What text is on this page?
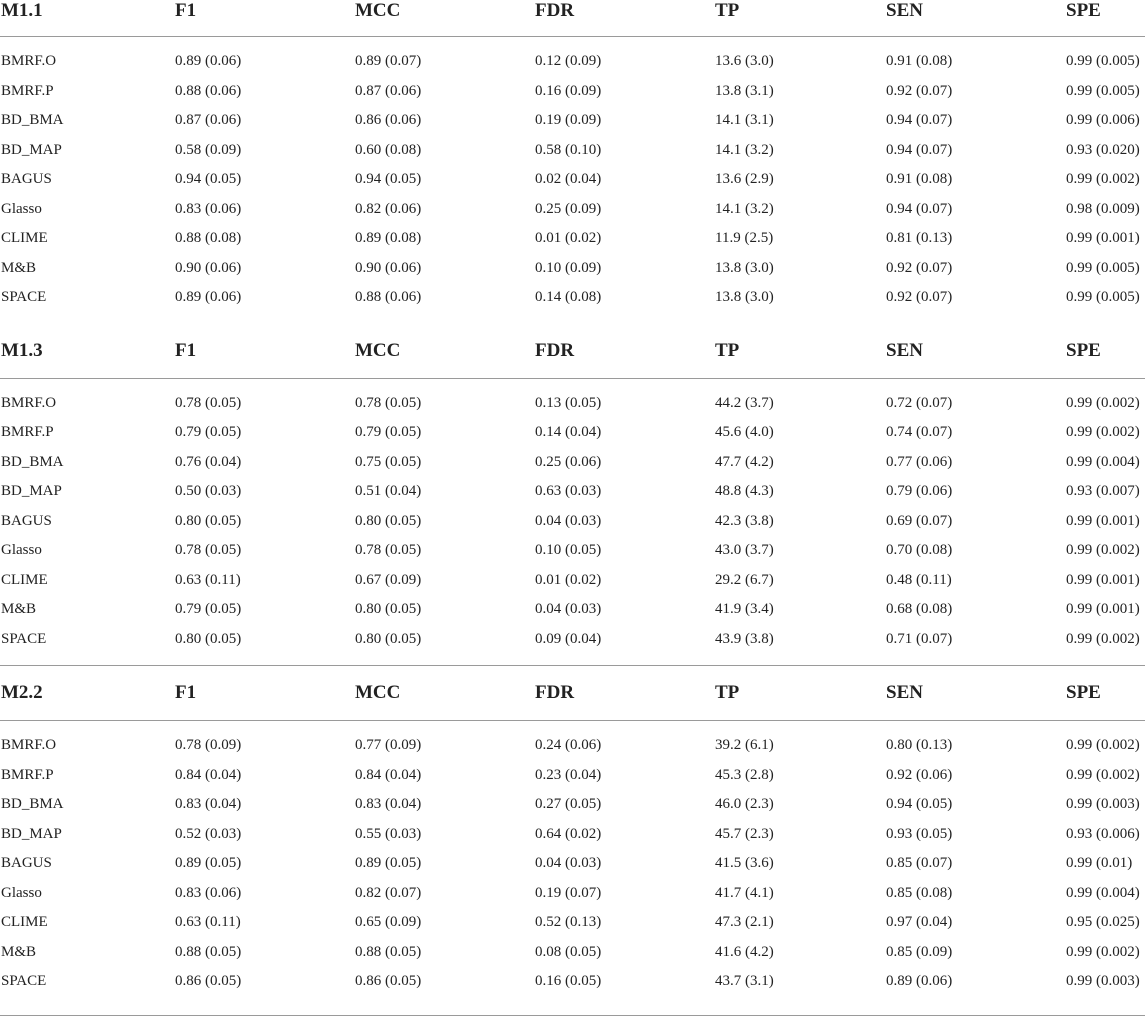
M1.1	F1	MCC	FDR	TP	SEN	SPE

BMRF.O	0.89 (0.06)	0.89 (0.07)	0.12 (0.09)	13.6 (3.0)	0.91 (0.08)	0.99 (0.005)
BMRF.P	0.88 (0.06)	0.87 (0.06)	0.16 (0.09)	13.8 (3.1)	0.92 (0.07)	0.99 (0.005)
BD_BMA	0.87 (0.06)	0.86 (0.06)	0.19 (0.09)	14.1 (3.1)	0.94 (0.07)	0.99 (0.006)
BD_MAP	0.58 (0.09)	0.60 (0.08)	0.58 (0.10)	14.1 (3.2)	0.94 (0.07)	0.93 (0.020)
BAGUS	0.94 (0.05)	0.94 (0.05)	0.02 (0.04)	13.6 (2.9)	0.91 (0.08)	0.99 (0.002)
Glasso	0.83 (0.06)	0.82 (0.06)	0.25 (0.09)	14.1 (3.2)	0.94 (0.07)	0.98 (0.009)
CLIME	0.88 (0.08)	0.89 (0.08)	0.01 (0.02)	11.9 (2.5)	0.81 (0.13)	0.99 (0.001)
M&B	0.90 (0.06)	0.90 (0.06)	0.10 (0.09)	13.8 (3.0)	0.92 (0.07)	0.99 (0.005)
SPACE	0.89 (0.06)	0.88 (0.06)	0.14 (0.08)	13.8 (3.0)	0.92 (0.07)	0.99 (0.005)

M1.3	F1	MCC	FDR	TP	SEN	SPE

BMRF.O	0.78 (0.05)	0.78 (0.05)	0.13 (0.05)	44.2 (3.7)	0.72 (0.07)	0.99 (0.002)
BMRF.P	0.79 (0.05)	0.79 (0.05)	0.14 (0.04)	45.6 (4.0)	0.74 (0.07)	0.99 (0.002)
BD_BMA	0.76 (0.04)	0.75 (0.05)	0.25 (0.06)	47.7 (4.2)	0.77 (0.06)	0.99 (0.004)
BD_MAP	0.50 (0.03)	0.51 (0.04)	0.63 (0.03)	48.8 (4.3)	0.79 (0.06)	0.93 (0.007)
BAGUS	0.80 (0.05)	0.80 (0.05)	0.04 (0.03)	42.3 (3.8)	0.69 (0.07)	0.99 (0.001)
Glasso	0.78 (0.05)	0.78 (0.05)	0.10 (0.05)	43.0 (3.7)	0.70 (0.08)	0.99 (0.002)
CLIME	0.63 (0.11)	0.67 (0.09)	0.01 (0.02)	29.2 (6.7)	0.48 (0.11)	0.99 (0.001)
M&B	0.79 (0.05)	0.80 (0.05)	0.04 (0.03)	41.9 (3.4)	0.68 (0.08)	0.99 (0.001)
SPACE	0.80 (0.05)	0.80 (0.05)	0.09 (0.04)	43.9 (3.8)	0.71 (0.07)	0.99 (0.002)

M2.2	F1	MCC	FDR	TP	SEN	SPE

BMRF.O	0.78 (0.09)	0.77 (0.09)	0.24 (0.06)	39.2 (6.1)	0.80 (0.13)	0.99 (0.002)
BMRF.P	0.84 (0.04)	0.84 (0.04)	0.23 (0.04)	45.3 (2.8)	0.92 (0.06)	0.99 (0.002)
BD_BMA	0.83 (0.04)	0.83 (0.04)	0.27 (0.05)	46.0 (2.3)	0.94 (0.05)	0.99 (0.003)
BD_MAP	0.52 (0.03)	0.55 (0.03)	0.64 (0.02)	45.7 (2.3)	0.93 (0.05)	0.93 (0.006)
BAGUS	0.89 (0.05)	0.89 (0.05)	0.04 (0.03)	41.5 (3.6)	0.85 (0.07)	0.99 (0.01)
Glasso	0.83 (0.06)	0.82 (0.07)	0.19 (0.07)	41.7 (4.1)	0.85 (0.08)	0.99 (0.004)
CLIME	0.63 (0.11)	0.65 (0.09)	0.52 (0.13)	47.3 (2.1)	0.97 (0.04)	0.95 (0.025)
M&B	0.88 (0.05)	0.88 (0.05)	0.08 (0.05)	41.6 (4.2)	0.85 (0.09)	0.99 (0.002)
SPACE	0.86 (0.05)	0.86 (0.05)	0.16 (0.05)	43.7 (3.1)	0.89 (0.06)	0.99 (0.003)
